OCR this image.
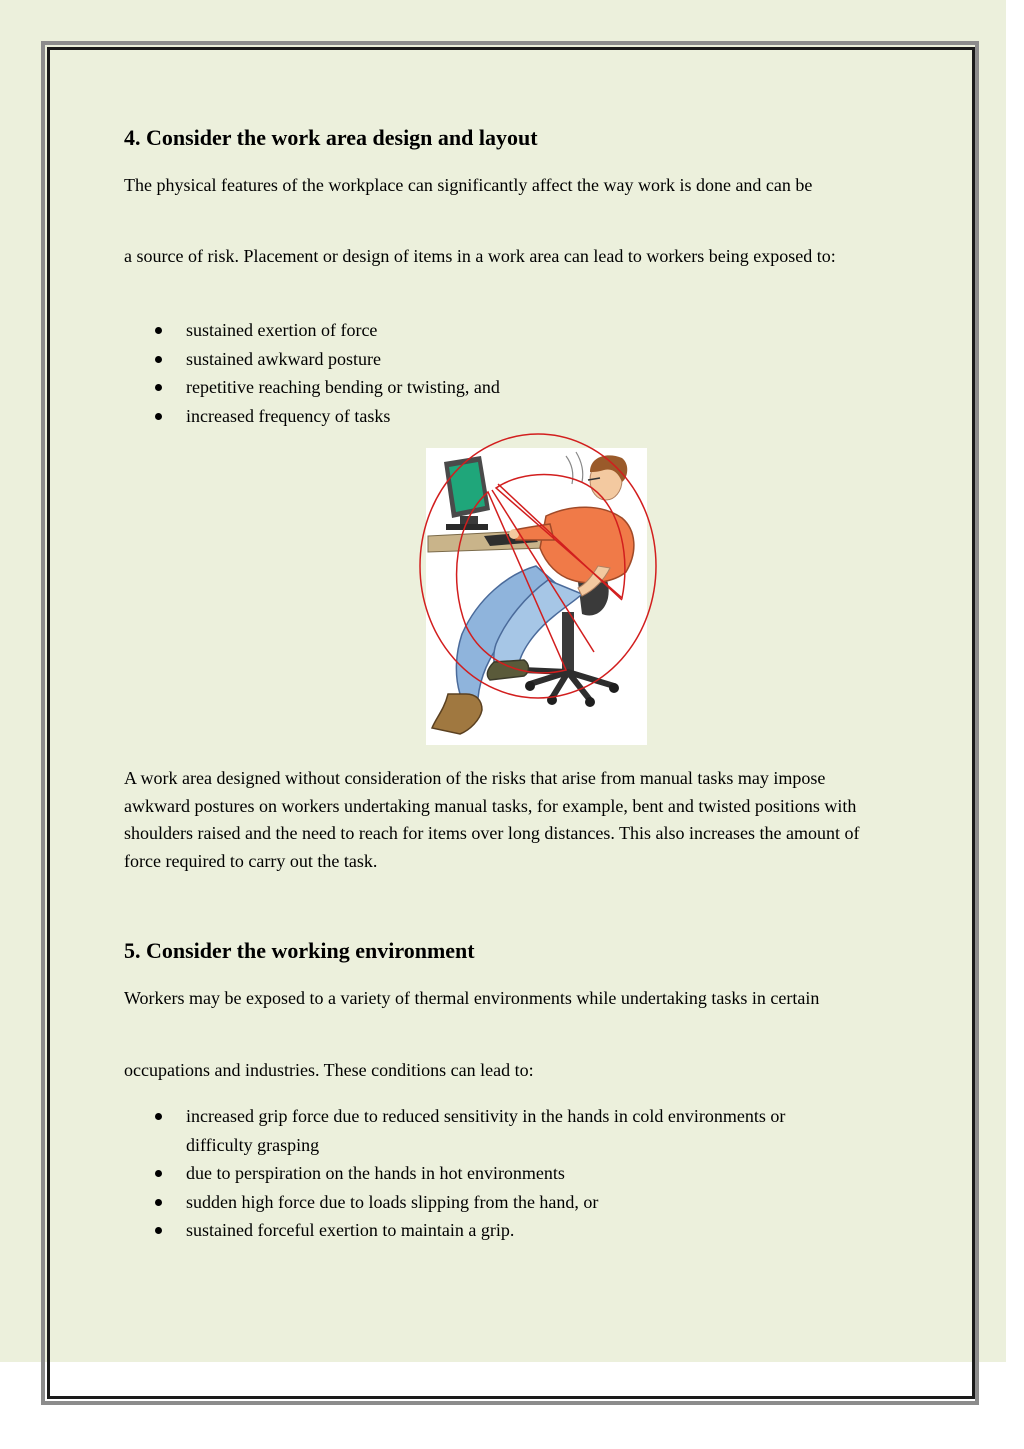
4. Consider the work area design and layout

The physical features of the workplace can significantly affect the way work is done and can be

a source of risk. Placement or design of items in a work area can lead to workers being exposed to:

sustained exertion of force
sustained awkward posture
repetitive reaching bending or twisting, and
increased frequency of tasks

A work area designed without consideration of the risks that arise from manual tasks may impose awkward postures on workers undertaking manual tasks, for example, bent and twisted positions with shoulders raised and the need to reach for items over long distances. This also increases the amount of force required to carry out the task.

5. Consider the working environment

Workers may be exposed to a variety of thermal environments while undertaking tasks in certain

occupations and industries. These conditions can lead to:

increased grip force due to reduced sensitivity in the hands in cold environments or difficulty grasping
due to perspiration on the hands in hot environments
sudden high force due to loads slipping from the hand, or
sustained forceful exertion to maintain a grip.
